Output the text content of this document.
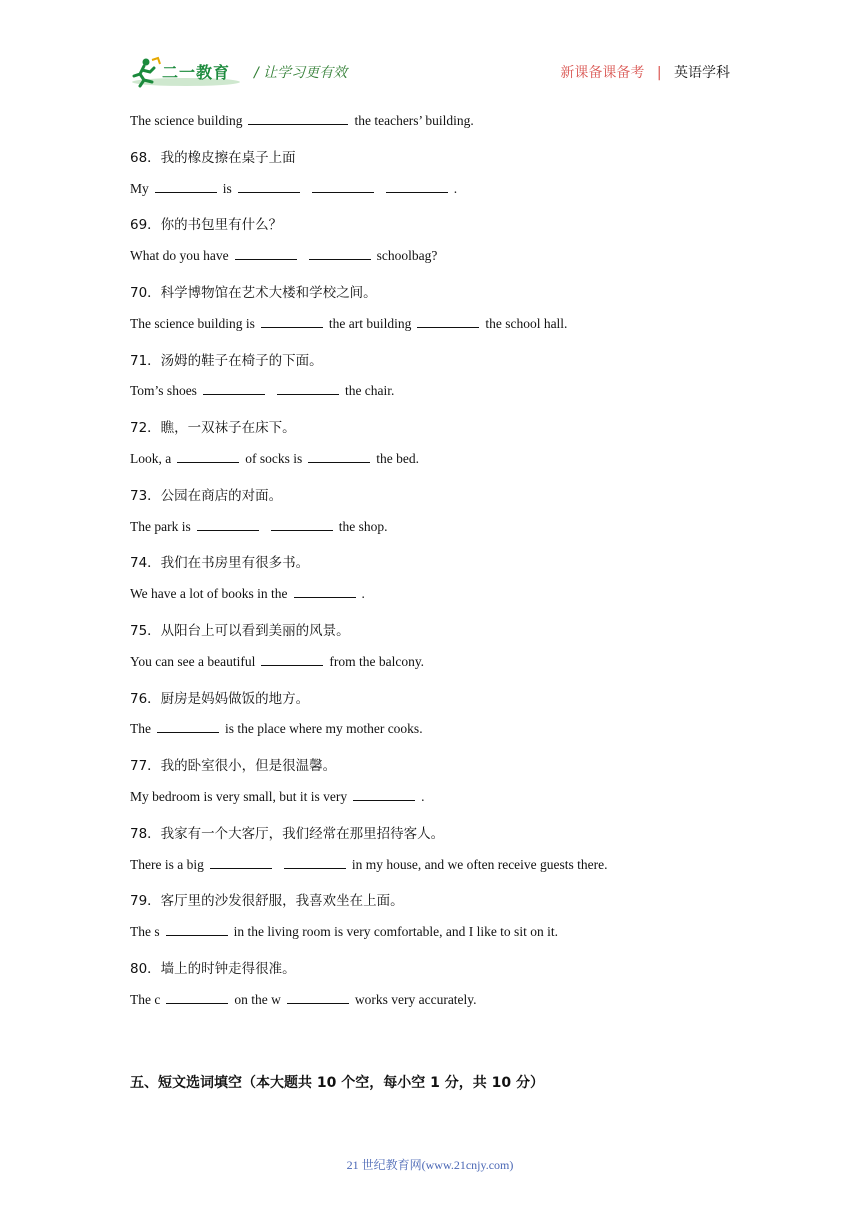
二一教育 / 让学习更有效	新课备课备考 | 英语学科
The science building	the teachers’ building.
68．我的橡皮擦在桌子上面
My	is	.
69．你的书包里有什么？
What do you have	schoolbag?
70．科学博物馆在艺术大楼和学校之间。
The science building is	the art building	the school hall.
71．汤姆的鞋子在椅子的下面。
Tom’s shoes	the chair.
72．瞧，一双袜子在床下。
Look, a	of socks is	the bed.
73．公园在商店的对面。
The park is	the shop.
74．我们在书房里有很多书。
We have a lot of books in the	.
75．从阳台上可以看到美丽的风景。
You can see a beautiful	from the balcony.
76．厨房是妈妈做饭的地方。
The	is the place where my mother cooks.
77．我的卧室很小，但是很温馨。
My bedroom is very small, but it is very	.
78．我家有一个大客厅，我们经常在那里招待客人。
There is a big	in my house, and we often receive guests there.
79．客厅里的沙发很舒服，我喜欢坐在上面。
The s	in the living room is very comfortable, and I like to sit on it.
80．墙上的时钟走得很准。
The c	on the w	works very accurately.
五、短文选词填空（本大题共 10 个空，每小空 1 分，共 10 分）
21 世纪教育网(www.21cnjy.com)
